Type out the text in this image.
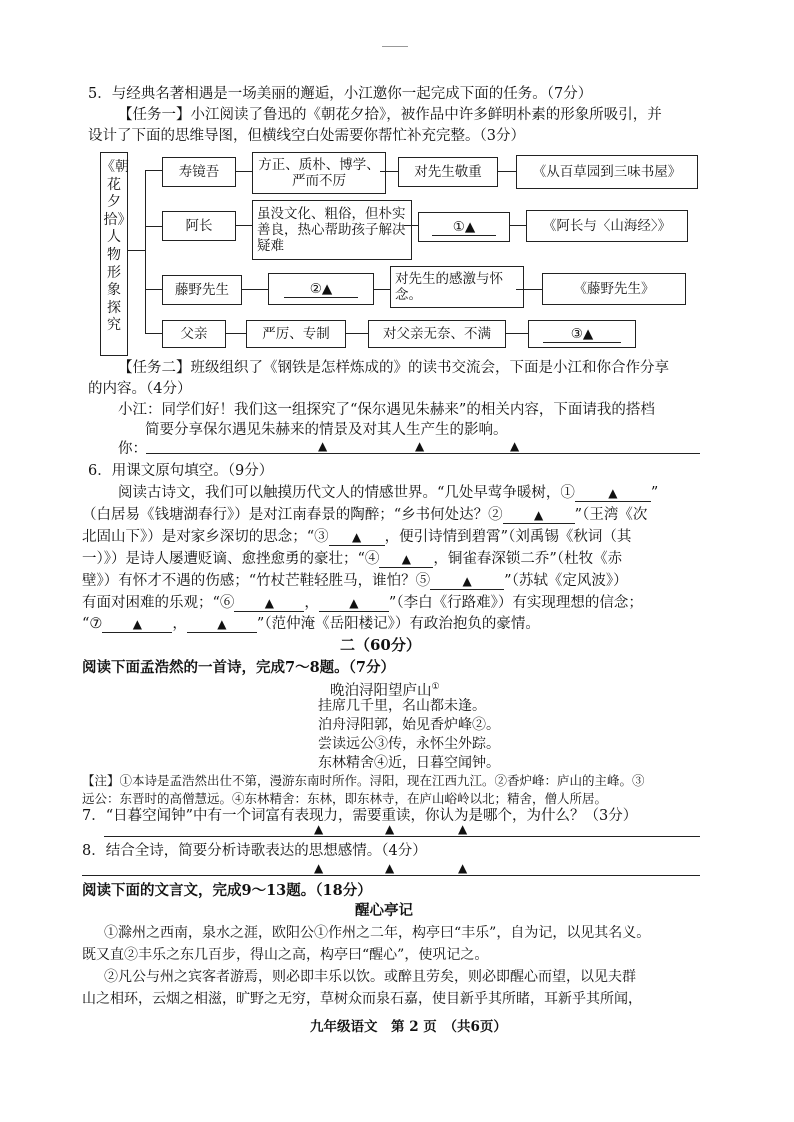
5．与经典名著相遇是一场美丽的邂逅，小江邀你一起完成下面的任务。（7分）
【任务一】小江阅读了鲁迅的《朝花夕拾》，被作品中许多鲜明朴素的形象所吸引，并
设计了下面的思维导图，但横线空白处需要你帮忙补充完整。（3分）
《朝花夕拾》人物形象探究
寿镜吾	方正、质朴、博学、严而不厉
对先生敬重	《从百草园到三味书屋》
阿长
虽没文化、粗俗，但朴实善良，热心帮助孩子解决疑难
①▲	《阿长与〈山海经〉》
藤野先生	②▲
对先生的感激与怀念。	《藤野先生》
父亲	严厉、专制	对父亲无奈、不满	③▲
【任务二】班级组织了《钢铁是怎样炼成的》的读书交流会，下面是小江和你合作分享
的内容。（4分）
小江：同学们好！我们这一组探究了“保尔遇见朱赫来”的相关内容，下面请我的搭档
简要分享保尔遇见朱赫来的情景及对其人生产生的影响。
你：	▲	▲	▲
6．用课文原句填空。（9分）
阅读古诗文，我们可以触摸历代文人的情感世界。“几处早莺争暖树，①	▲ ”
（白居易《钱塘湖春行》）是对江南春景的陶醉；“乡书何处达？②	▲ ”（王湾《次
北固山下》）是对家乡深切的思念；“③ ▲ ，便引诗情到碧霄”（刘禹锡《秋词（其
一）》）是诗人屡遭贬谪、愈挫愈勇的豪壮；“④ ▲ ，铜雀春深锁二乔”（杜牧《赤
壁》）有怀才不遇的伤感；“竹杖芒鞋轻胜马，谁怕？⑤	▲ ”（苏轼《定风波》）
有面对困难的乐观；“⑥	▲ ，	▲ ”（李白《行路难》）有实现理想的信念；
“⑦	▲ ，	▲ ”（范仲淹《岳阳楼记》）有政治抱负的豪情。
二（60分）
阅读下面孟浩然的一首诗，完成7～8题。（7分）
晚泊浔阳望庐山①
挂席几千里，名山都未逢。
泊舟浔阳郭，始见香炉峰②。
尝读远公③传，永怀尘外踪。
东林精舍④近，日暮空闻钟。
【注】①本诗是孟浩然出仕不第，漫游东南时所作。浔阳，现在江西九江。②香炉峰：庐山的主峰。③
远公：东晋时的高僧慧远。④东林精舍：东林，即东林寺，在庐山峪岭以北；精舍，僧人所居。
7．“日暮空闻钟”中有一个词富有表现力，需要重读，你认为是哪个，为什么？（3分）
▲	▲	▲
8．结合全诗，简要分析诗歌表达的思想感情。（4分）
▲	▲	▲
阅读下面的文言文，完成9～13题。（18分）
醒心亭记
①滁州之西南，泉水之涯，欧阳公①作州之二年，构亭曰“丰乐”，自为记，以见其名义。
既又直②丰乐之东几百步，得山之高，构亭曰“醒心”，使巩记之。
②凡公与州之宾客者游焉，则必即丰乐以饮。或醉且劳矣，则必即醒心而望，以见夫群
山之相环，云烟之相滋，旷野之无穷，草树众而泉石嘉，使目新乎其所睹，耳新乎其所闻，
九年级语文　第 2 页　（共6页）
